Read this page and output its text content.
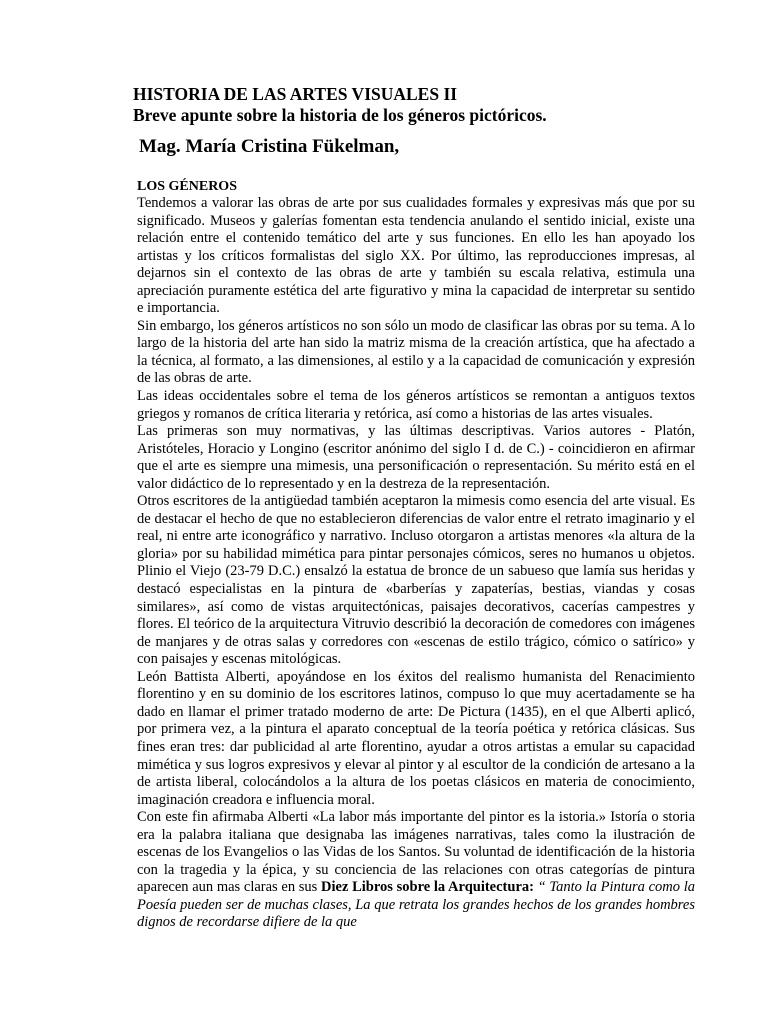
HISTORIA DE LAS ARTES VISUALES II
Breve apunte sobre la historia de los géneros pictóricos.
Mag. María Cristina Fükelman,
LOS GÉNEROS

Tendemos a valorar las obras de arte por sus cualidades formales y expresivas más que por su significado. Museos y galerías fomentan esta tendencia anulando el sentido inicial, existe una relación entre el contenido temático del arte y sus funciones. En ello les han apoyado los artistas y los críticos formalistas del siglo XX. Por último, las reproducciones impresas, al dejarnos sin el contexto de las obras de arte y también su escala relativa, estimula una apreciación puramente estética del arte figurativo y mina la capacidad de interpretar su sentido e importancia.

Sin embargo, los géneros artísticos no son sólo un modo de clasificar las obras por su tema. A lo largo de la historia del arte han sido la matriz misma de la creación artística, que ha afectado a la técnica, al formato, a las dimensiones, al estilo y a la capacidad de comunicación y expresión de las obras de arte.

Las ideas occidentales sobre el tema de los géneros artísticos se remontan a antiguos textos griegos y romanos de crítica literaria y retórica, así como a historias de las artes visuales.

Las primeras son muy normativas, y las últimas descriptivas. Varios autores - Platón, Aristóteles, Horacio y Longino (escritor anónimo del siglo I d. de C.) - coincidieron en afirmar que el arte es siempre una mimesis, una personificación o representación. Su mérito está en el valor didáctico de lo representado y en la destreza de la representación.

Otros escritores de la antigüedad también aceptaron la mimesis como esencia del arte visual. Es de destacar el hecho de que no establecieron diferencias de valor entre el retrato imaginario y el real, ni entre arte iconográfico y narrativo. Incluso otorgaron a artistas menores «la altura de la gloria» por su habilidad mimética para pintar personajes cómicos, seres no humanos u objetos. Plinio el Viejo (23-79 D.C.) ensalzó la estatua de bronce de un sabueso que lamía sus heridas y destacó especialistas en la pintura de «barberías y zapaterías, bestias, viandas y cosas similares», así como de vistas arquitectónicas, paisajes decorativos, cacerías campestres y flores. El teórico de la arquitectura Vitruvio describió la decoración de comedores con imágenes de manjares y de otras salas y corredores con «escenas de estilo trágico, cómico o satírico» y con paisajes y escenas mitológicas.

León Battista Alberti, apoyándose en los éxitos del realismo humanista del Renacimiento florentino y en su dominio de los escritores latinos, compuso lo que muy acertadamente se ha dado en llamar el primer tratado moderno de arte: De Pictura (1435), en el que Alberti aplicó, por primera vez, a la pintura el aparato conceptual de la teoría poética y retórica clásicas. Sus fines eran tres: dar publicidad al arte florentino, ayudar a otros artistas a emular su capacidad mimética y sus logros expresivos y elevar al pintor y al escultor de la condición de artesano a la de artista liberal, colocándolos a la altura de los poetas clásicos en materia de conocimiento, imaginación creadora e influencia moral.

Con este fin afirmaba Alberti «La labor más importante del pintor es la istoria.» Istoría o storia era la palabra italiana que designaba las imágenes narrativas, tales como la ilustración de escenas de los Evangelios o las Vidas de los Santos. Su voluntad de identificación de la historia con la tragedia y la épica, y su conciencia de las relaciones con otras categorías de pintura aparecen aun mas claras en sus Diez Libros sobre la Arquitectura: “ Tanto la Pintura como la Poesía pueden ser de muchas clases, La que retrata los grandes hechos de los grandes hombres dignos de recordarse difiere de la que
